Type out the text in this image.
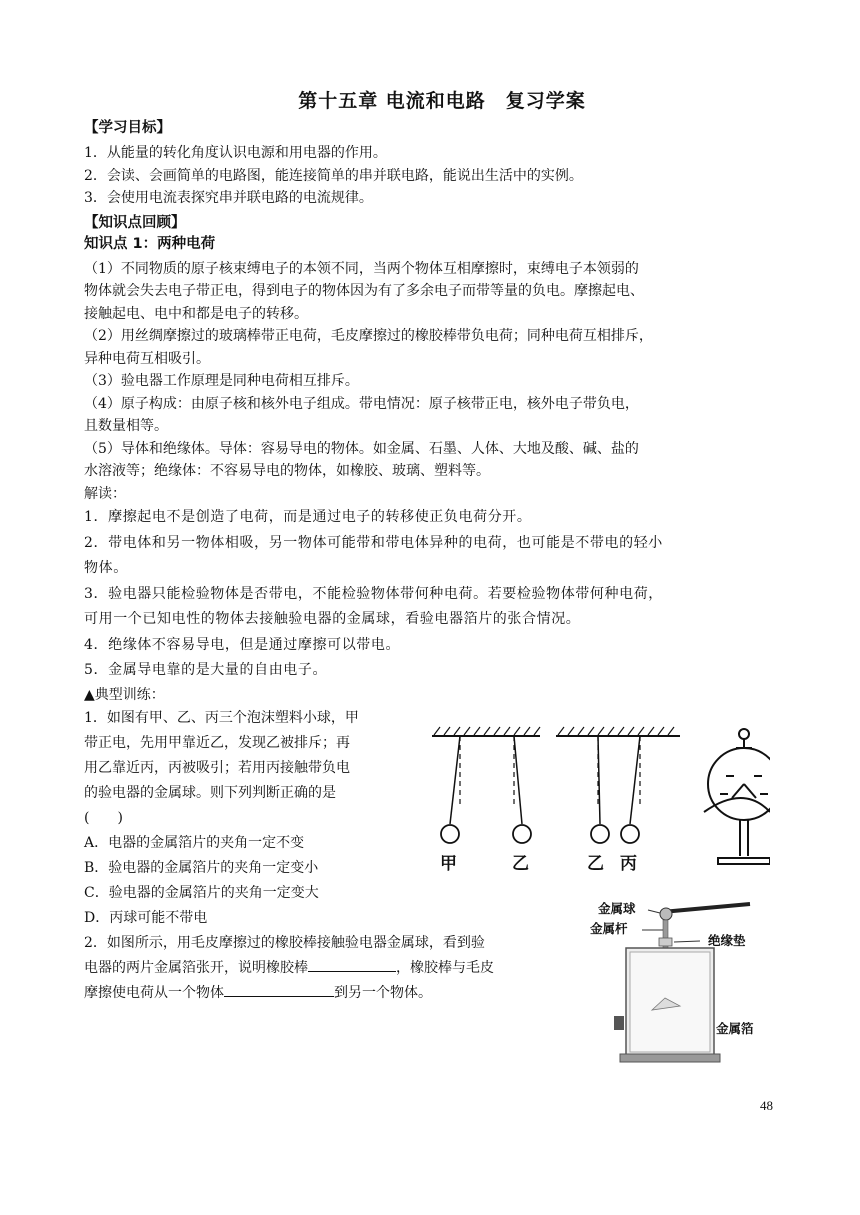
第十五章 电流和电路　复习学案
【学习目标】

1．从能量的转化角度认识电源和用电器的作用。

2．会读、会画简单的电路图，能连接简单的串并联电路，能说出生活中的实例。

3．会使用电流表探究串并联电路的电流规律。

【知识点回顾】
知识点 1：两种电荷

（1）不同物质的原子核束缚电子的本领不同，当两个物体互相摩擦时，束缚电子本领弱的

物体就会失去电子带正电，得到电子的物体因为有了多余电子而带等量的负电。摩擦起电、

接触起电、电中和都是电子的转移。

（2）用丝绸摩擦过的玻璃棒带正电荷，毛皮摩擦过的橡胶棒带负电荷；同种电荷互相排斥，

异种电荷互相吸引。

（3）验电器工作原理是同种电荷相互排斥。

（4）原子构成：由原子核和核外电子组成。带电情况：原子核带正电，核外电子带负电，

且数量相等。

（5）导体和绝缘体。导体：容易导电的物体。如金属、石墨、人体、大地及酸、碱、盐的

水溶液等；绝缘体：不容易导电的物体，如橡胶、玻璃、塑料等。

解读：

1．摩擦起电不是创造了电荷，而是通过电子的转移使正负电荷分开。

2．带电体和另一物体相吸，另一物体可能带和带电体异种的电荷，也可能是不带电的轻小

物体。

3．验电器只能检验物体是否带电，不能检验物体带何种电荷。若要检验物体带何种电荷，

可用一个已知电性的物体去接触验电器的金属球，看验电器箔片的张合情况。

4．绝缘体不容易导电，但是通过摩擦可以带电。

5．金属导电靠的是大量的自由电子。

▲典型训练：

1．如图有甲、乙、丙三个泡沫塑料小球，甲

带正电，先用甲靠近乙，发现乙被排斥；再

用乙靠近丙，丙被吸引；若用丙接触带负电

的验电器的金属球。则下列判断正确的是

(　　)

A．电器的金属箔片的夹角一定不变

B．验电器的金属箔片的夹角一定变小

C．验电器的金属箔片的夹角一定变大

D．丙球可能不带电

2．如图所示，用毛皮摩擦过的橡胶棒接触验电器金属球，看到验

电器的两片金属箔张开，说明橡胶棒	，橡胶棒与毛皮

摩擦使电荷从一个物体	到另一个物体。

甲	乙	乙 丙
金属球
金属杆
绝缘垫
金属箔
48
